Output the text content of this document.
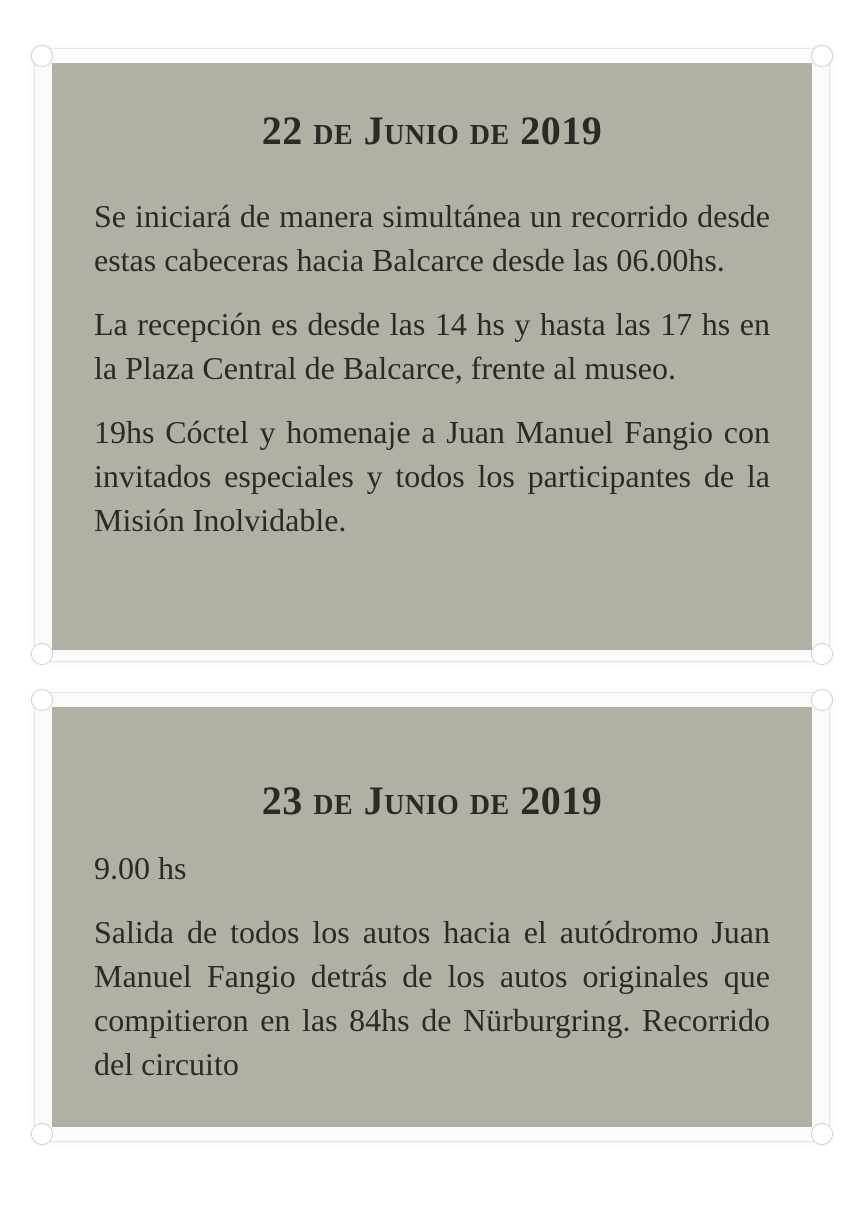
22 de Junio de 2019

Se iniciará de manera simultánea un recorrido desde estas cabeceras hacia Balcarce desde las 06.00hs.

La recepción es desde las 14 hs y hasta las 17 hs en la Plaza Central de Balcarce, frente al museo.

19hs Cóctel y homenaje a Juan Manuel Fangio con invitados especiales y todos los participantes de la Misión Inolvidable.

23 de Junio de 2019

9.00 hs

Salida de todos los autos hacia el autódromo Juan Manuel Fangio detrás de los autos originales que compitieron en las 84hs de Nürburgring. Recorrido del circuito
